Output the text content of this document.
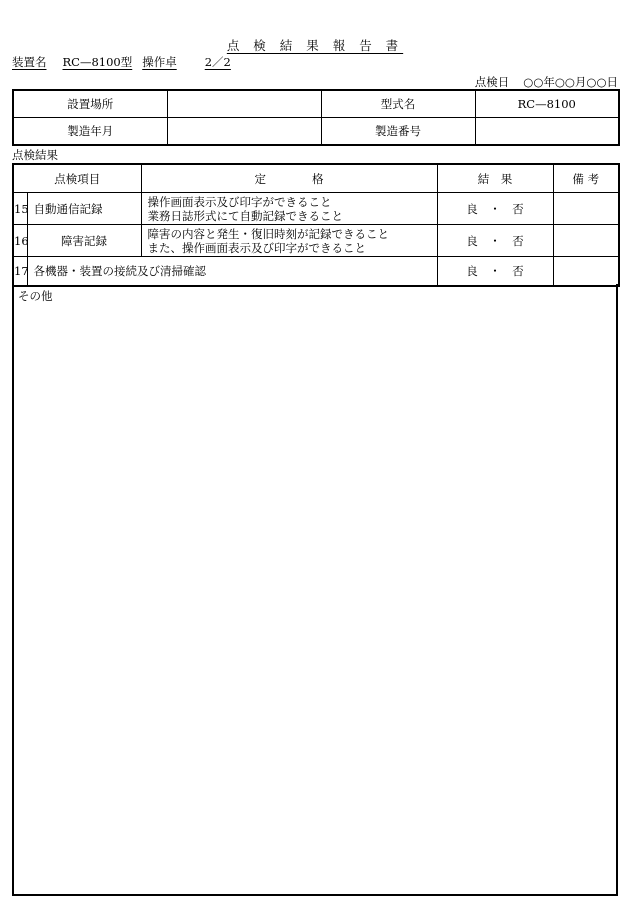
点 検 結 果 報 告 書
装置名 RC—8100型 操作卓 2／2
点検日 ○○年○○月○○日
設置場所		型式名	RC—8100
製造年月		製造番号	
点検結果
点検項目		定　　　　格	結　果	備 考
15	自動通信記録	操作画面表示及び印字ができること
業務日誌形式にて自動記録できること	良　・　否	
16	障害記録	障害の内容と発生・復旧時刻が記録できること
また、操作画面表示及び印字ができること	良　・　否	
17	各機器・装置の接続及び清掃確認		良　・　否	
その他
